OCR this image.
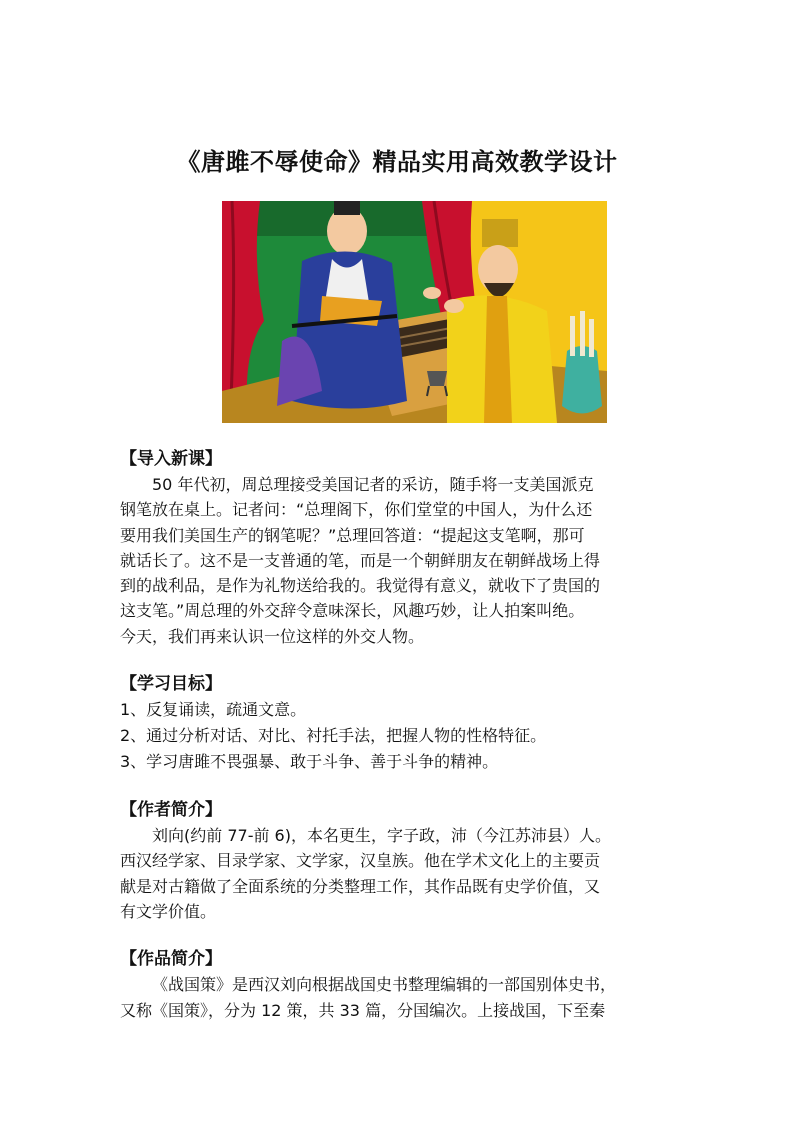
《唐雎不辱使命》精品实用高效教学设计
【导入新课】

50 年代初，周总理接受美国记者的采访，随手将一支美国派克
钢笔放在桌上。记者问：“总理阁下，你们堂堂的中国人，为什么还
要用我们美国生产的钢笔呢？”总理回答道：“提起这支笔啊，那可
就话长了。这不是一支普通的笔，而是一个朝鲜朋友在朝鲜战场上得
到的战利品，是作为礼物送给我的。我觉得有意义，就收下了贵国的
这支笔。”周总理的外交辞令意味深长，风趣巧妙，让人拍案叫绝。
今天，我们再来认识一位这样的外交人物。

【学习目标】

1、反复诵读，疏通文意。

2、通过分析对话、对比、衬托手法，把握人物的性格特征。

3、学习唐雎不畏强暴、敢于斗争、善于斗争的精神。

【作者简介】

刘向(约前 77-前 6)，本名更生，字子政，沛（今江苏沛县）人。
西汉经学家、目录学家、文学家，汉皇族。他在学术文化上的主要贡
献是对古籍做了全面系统的分类整理工作，其作品既有史学价值，又
有文学价值。

【作品简介】

《战国策》是西汉刘向根据战国史书整理编辑的一部国别体史书，
又称《国策》，分为 12 策，共 33 篇，分国编次。上接战国，下至秦
